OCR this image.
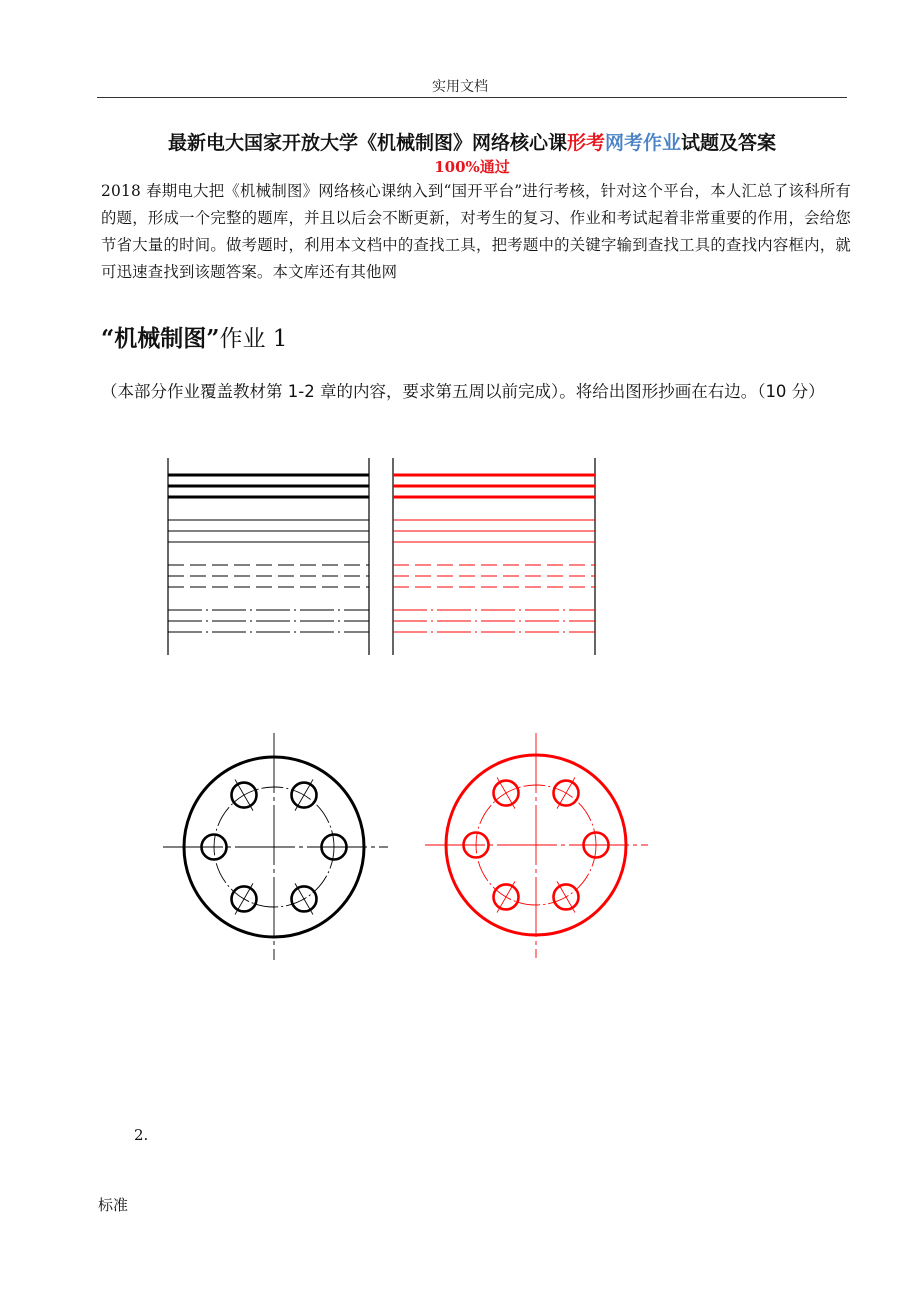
实用文档
最新电大国家开放大学《机械制图》网络核心课形考网考作业试题及答案
100%通过
2018 春期电大把《机械制图》网络核心课纳入到“国开平台”进行考核，针对这个平台，本人汇总了该科所有的题，形成一个完整的题库，并且以后会不断更新，对考生的复习、作业和考试起着非常重要的作用，会给您节省大量的时间。做考题时，利用本文档中的查找工具，把考题中的关键字输到查找工具的查找内容框内，就可迅速查找到该题答案。本文库还有其他网
“机械制图”作业 1
（本部分作业覆盖教材第 1-2 章的内容，要求第五周以前完成）。将给出图形抄画在右边。（10 分）
2.
标准
